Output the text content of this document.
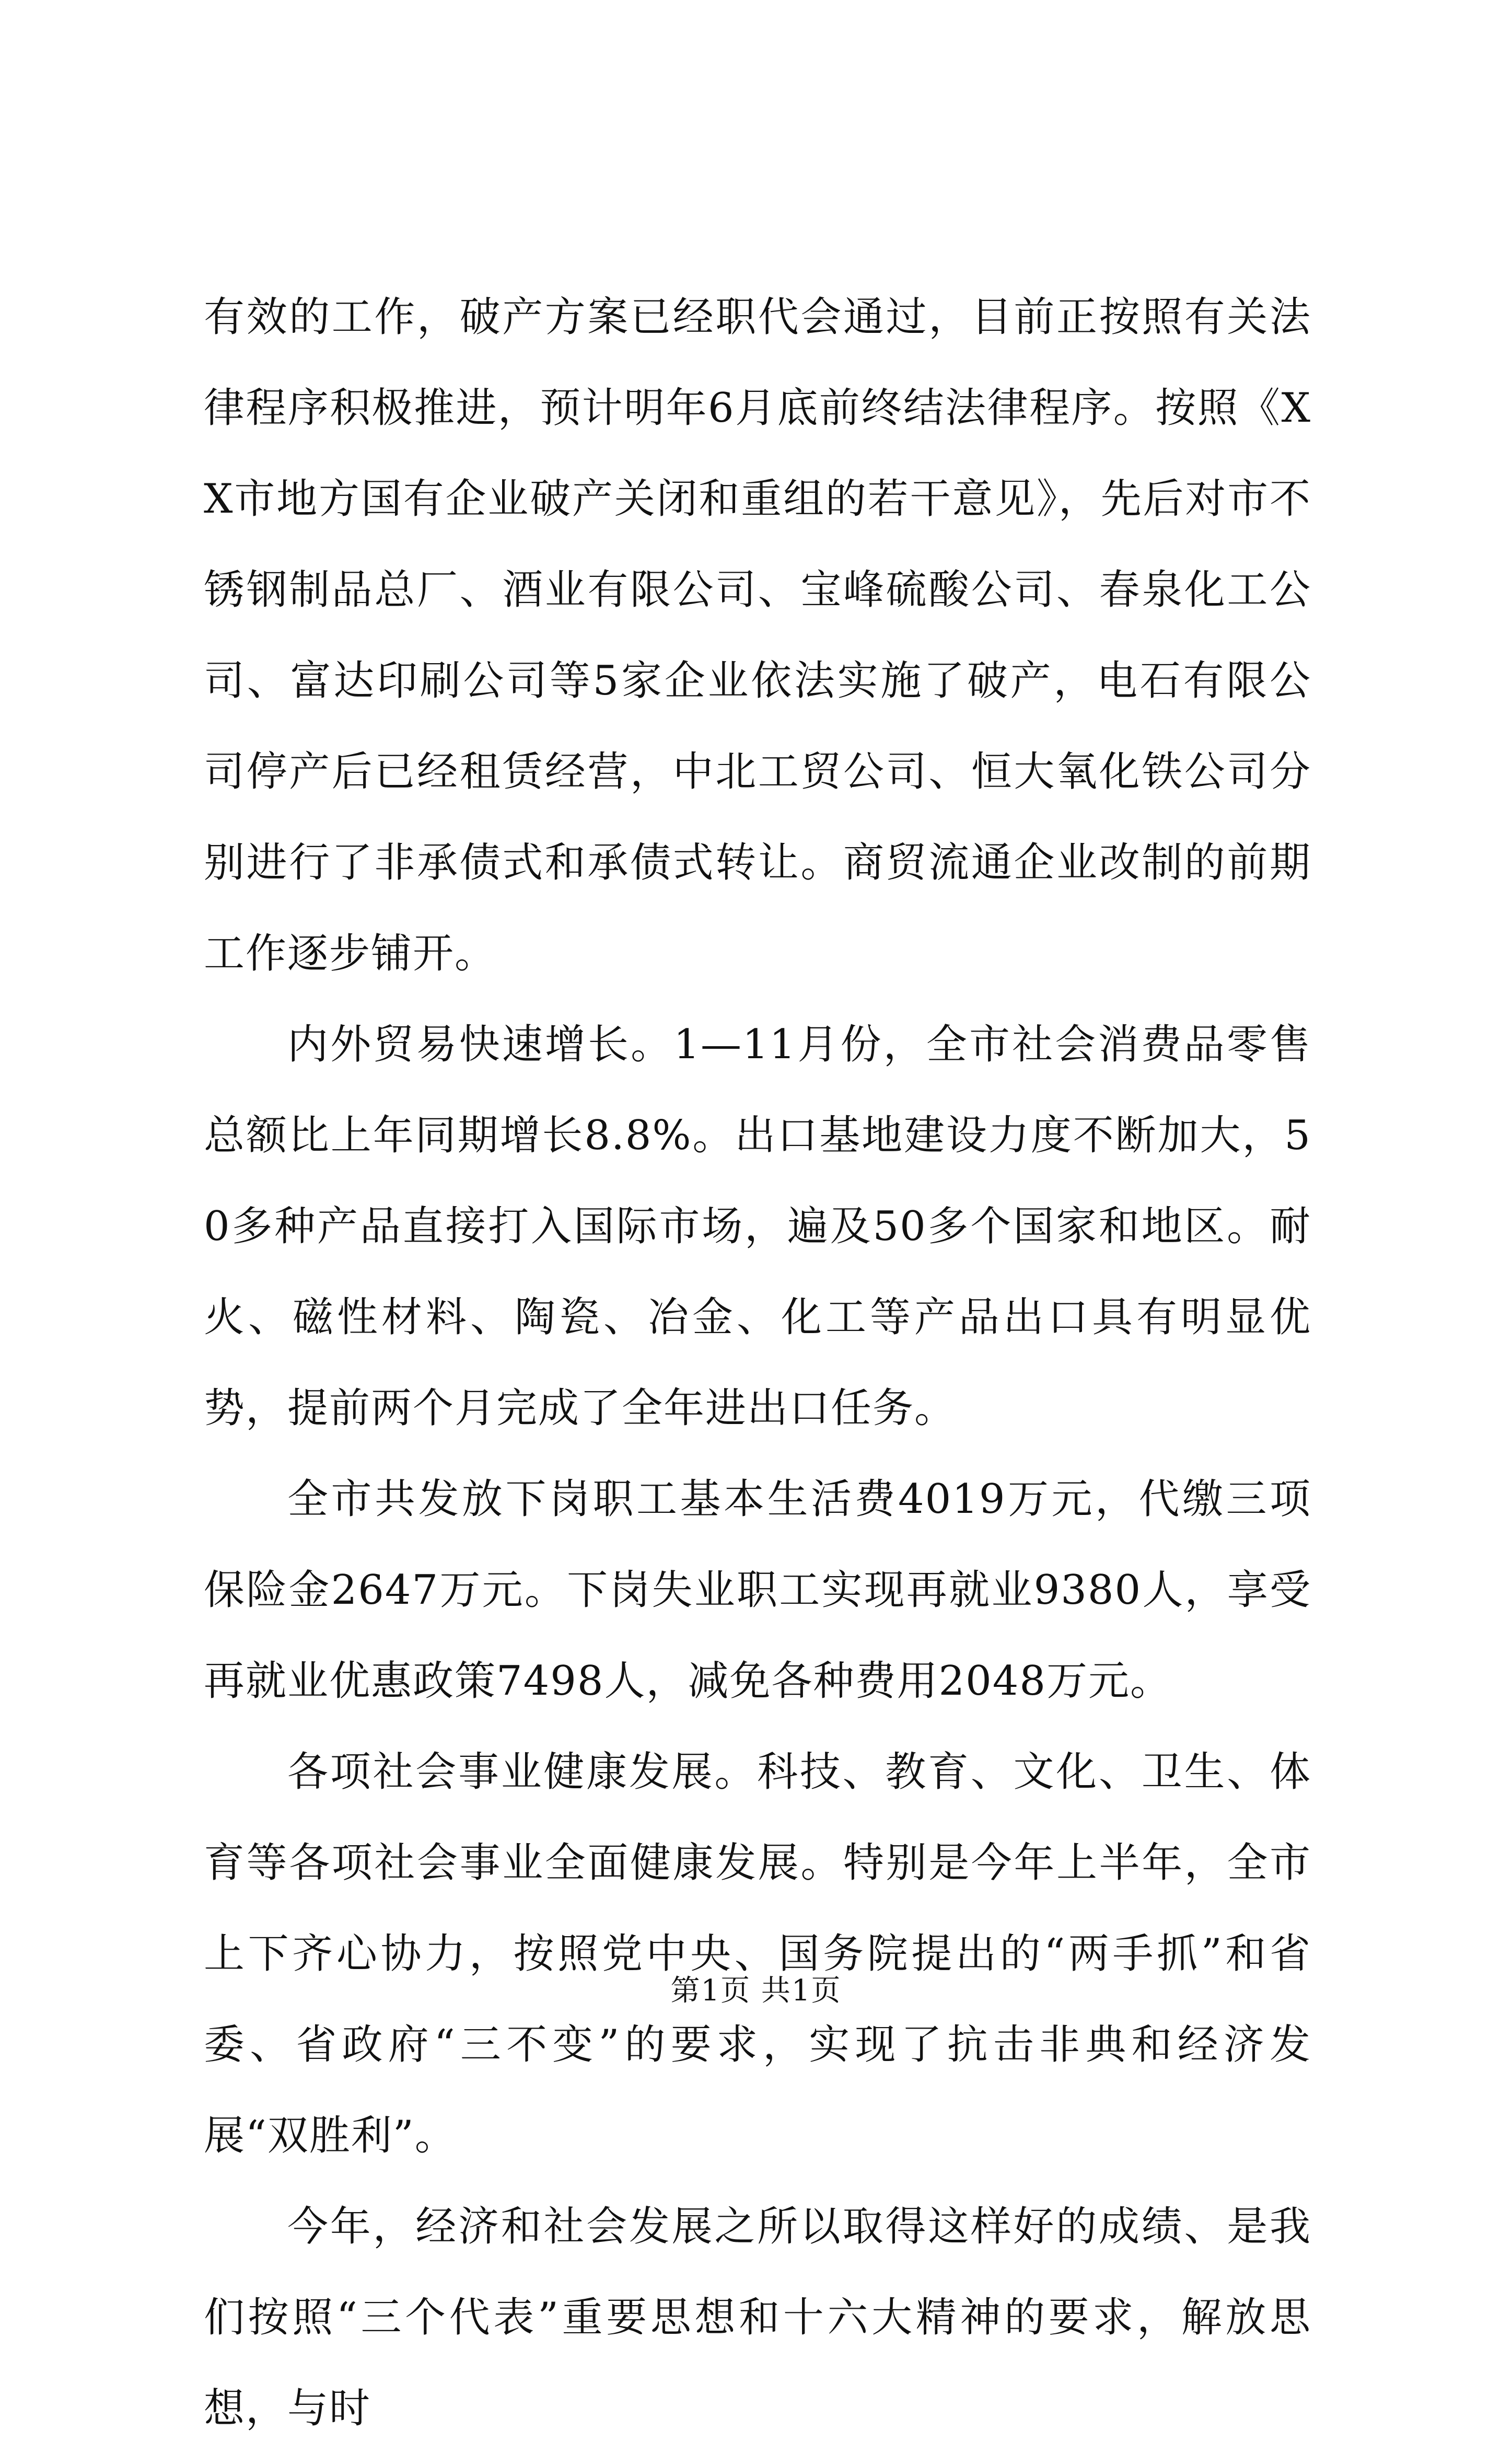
有效的工作，破产方案已经职代会通过，目前正按照有关法律程序积极推进，预计明年6月底前终结法律程序。按照《XX市地方国有企业破产关闭和重组的若干意见》，先后对市不锈钢制品总厂、酒业有限公司、宝峰硫酸公司、春泉化工公司、富达印刷公司等5家企业依法实施了破产，电石有限公司停产后已经租赁经营，中北工贸公司、恒大氧化铁公司分别进行了非承债式和承债式转让。商贸流通企业改制的前期工作逐步铺开。

内外贸易快速增长。1—11月份，全市社会消费品零售总额比上年同期增长8.8%。出口基地建设力度不断加大，50多种产品直接打入国际市场，遍及50多个国家和地区。耐火、磁性材料、陶瓷、冶金、化工等产品出口具有明显优势，提前两个月完成了全年进出口任务。

全市共发放下岗职工基本生活费4019万元，代缴三项保险金2647万元。下岗失业职工实现再就业9380人，享受再就业优惠政策7498人，减免各种费用2048万元。

各项社会事业健康发展。科技、教育、文化、卫生、体育等各项社会事业全面健康发展。特别是今年上半年，全市上下齐心协力，按照党中央、国务院提出的“两手抓”和省委、省政府“三不变”的要求，实现了抗击非典和经济发展“双胜利”。

今年，经济和社会发展之所以取得这样好的成绩、是我们按照“三个代表”重要思想和十六大精神的要求，解放思想，与时

第1页 共1页
